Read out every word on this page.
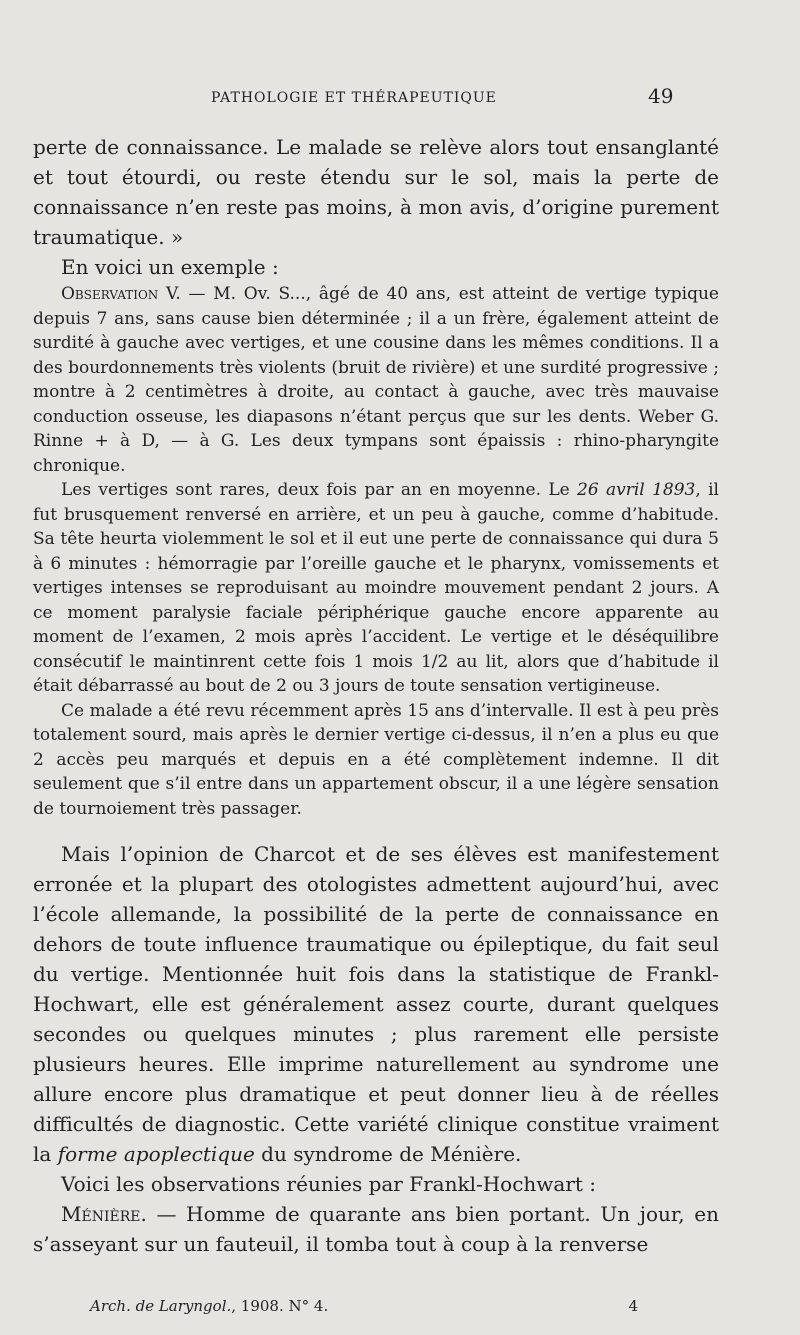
PATHOLOGIE ET THÉRAPEUTIQUE	49

perte de connaissance. Le malade se relève alors tout ensanglanté et tout étourdi, ou reste étendu sur le sol, mais la perte de connaissance n’en reste pas moins, à mon avis, d’origine purement traumatique. »

En voici un exemple :

Observation V. — M. Ov. S..., âgé de 40 ans, est atteint de vertige typique depuis 7 ans, sans cause bien déterminée ; il a un frère, également atteint de surdité à gauche avec vertiges, et une cousine dans les mêmes conditions. Il a des bourdonnements très violents (bruit de rivière) et une surdité progressive ; montre à 2 centimètres à droite, au contact à gauche, avec très mauvaise conduction osseuse, les diapasons n’étant perçus que sur les dents. Weber G. Rinne + à D, — à G. Les deux tympans sont épaissis : rhino-pharyngite chronique.

Les vertiges sont rares, deux fois par an en moyenne. Le 26 avril 1893, il fut brusquement renversé en arrière, et un peu à gauche, comme d’habitude. Sa tête heurta violemment le sol et il eut une perte de connaissance qui dura 5 à 6 minutes : hémorragie par l’oreille gauche et le pharynx, vomissements et vertiges intenses se reproduisant au moindre mouvement pendant 2 jours. A ce moment paralysie faciale périphérique gauche encore apparente au moment de l’examen, 2 mois après l’accident. Le vertige et le déséquilibre consécutif le maintinrent cette fois 1 mois 1/2 au lit, alors que d’habitude il était débarrassé au bout de 2 ou 3 jours de toute sensation vertigineuse.

Ce malade a été revu récemment après 15 ans d’intervalle. Il est à peu près totalement sourd, mais après le dernier vertige ci-dessus, il n’en a plus eu que 2 accès peu marqués et depuis en a été complètement indemne. Il dit seulement que s’il entre dans un appartement obscur, il a une légère sensation de tournoiement très passager.

Mais l’opinion de Charcot et de ses élèves est manifestement erronée et la plupart des otologistes admettent aujourd’hui, avec l’école allemande, la possibilité de la perte de connaissance en dehors de toute influence traumatique ou épileptique, du fait seul du vertige. Mentionnée huit fois dans la statistique de Frankl-Hochwart, elle est généralement assez courte, durant quelques secondes ou quelques minutes ; plus rarement elle persiste plusieurs heures. Elle imprime naturellement au syndrome une allure encore plus dramatique et peut donner lieu à de réelles difficultés de diagnostic. Cette variété clinique constitue vraiment la forme apoplectique du syndrome de Ménière.

Voici les observations réunies par Frankl-Hochwart :

Ménière. — Homme de quarante ans bien portant. Un jour, en s’asseyant sur un fauteuil, il tomba tout à coup à la renverse

Arch. de Laryngol., 1908. N° 4.	4
